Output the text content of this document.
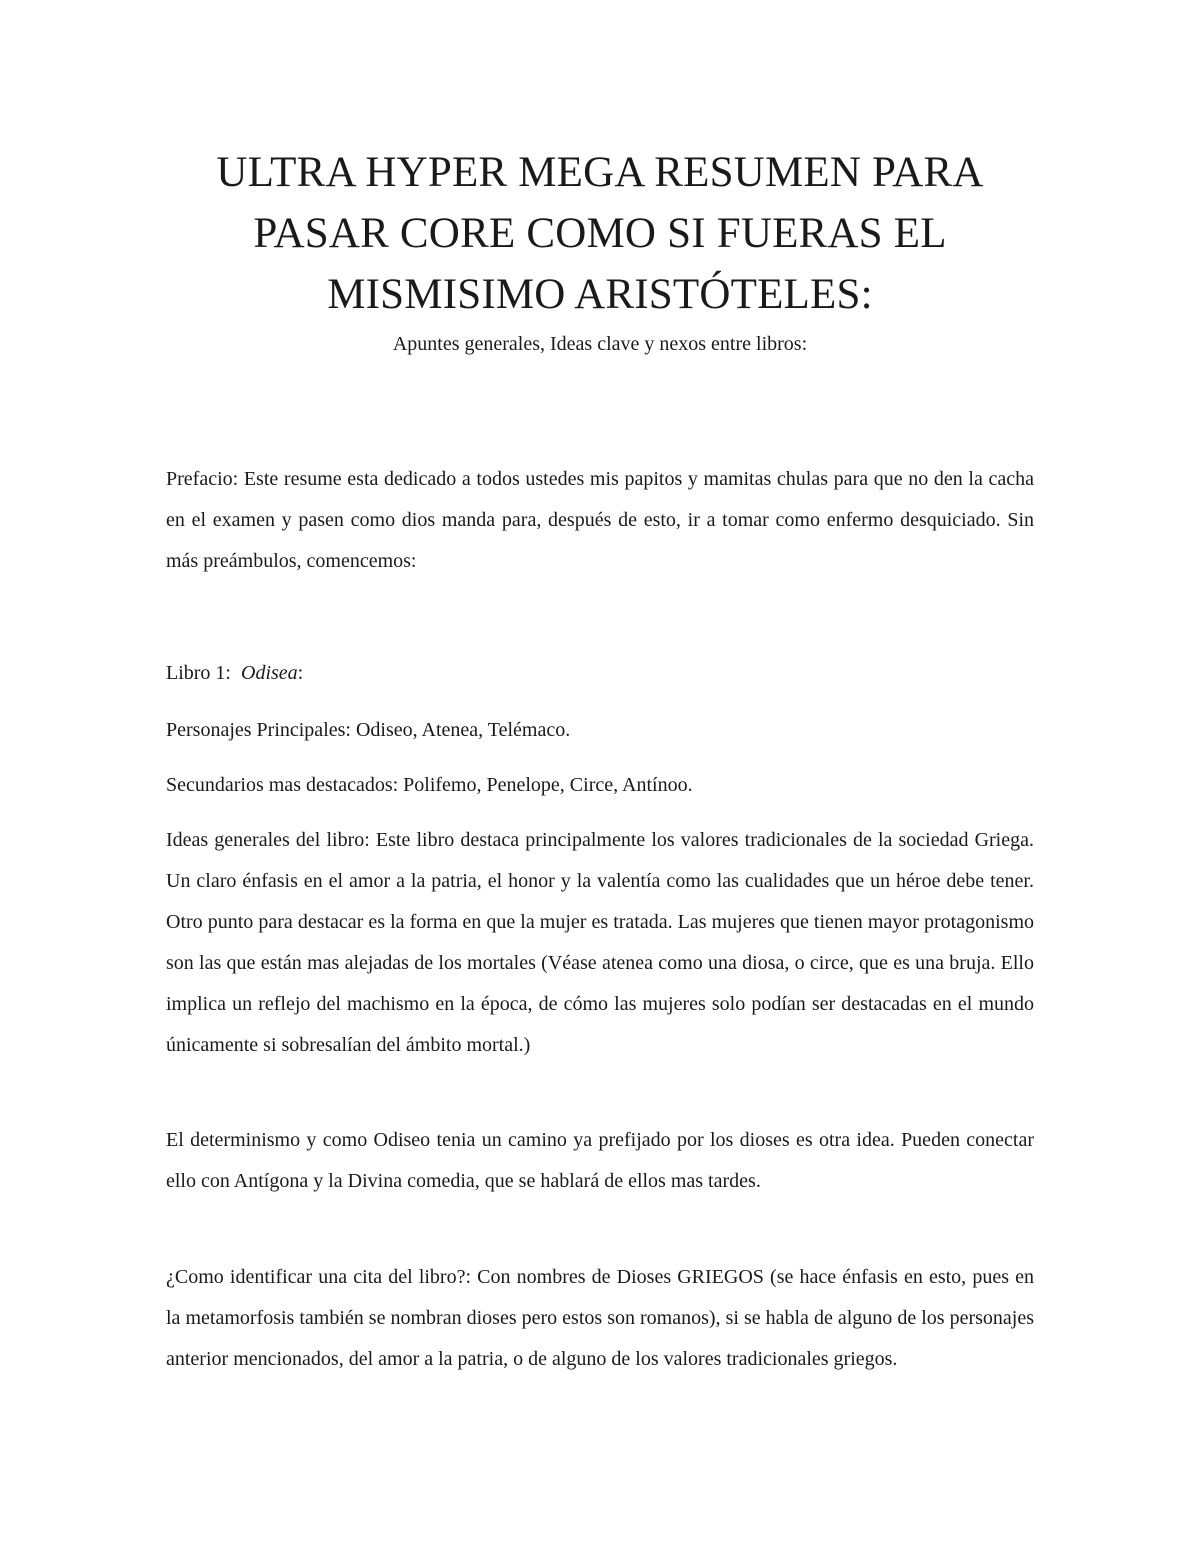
ULTRA HYPER MEGA RESUMEN PARA PASAR CORE COMO SI FUERAS EL MISMISIMO ARISTÓTELES:

Apuntes generales, Ideas clave y nexos entre libros:

Prefacio: Este resume esta dedicado a todos ustedes mis papitos y mamitas chulas para que no den la cacha en el examen y pasen como dios manda para, después de esto, ir a tomar como enfermo desquiciado. Sin más preámbulos, comencemos:

Libro 1: Odisea:

Personajes Principales: Odiseo, Atenea, Telémaco.

Secundarios mas destacados: Polifemo, Penelope, Circe, Antínoo.

Ideas generales del libro: Este libro destaca principalmente los valores tradicionales de la sociedad Griega. Un claro énfasis en el amor a la patria, el honor y la valentía como las cualidades que un héroe debe tener. Otro punto para destacar es la forma en que la mujer es tratada. Las mujeres que tienen mayor protagonismo son las que están mas alejadas de los mortales (Véase atenea como una diosa, o circe, que es una bruja. Ello implica un reflejo del machismo en la época, de cómo las mujeres solo podían ser destacadas en el mundo únicamente si sobresalían del ámbito mortal.)

El determinismo y como Odiseo tenia un camino ya prefijado por los dioses es otra idea. Pueden conectar ello con Antígona y la Divina comedia, que se hablará de ellos mas tardes.

¿Como identificar una cita del libro?: Con nombres de Dioses GRIEGOS (se hace énfasis en esto, pues en la metamorfosis también se nombran dioses pero estos son romanos), si se habla de alguno de los personajes anterior mencionados, del amor a la patria, o de alguno de los valores tradicionales griegos.
